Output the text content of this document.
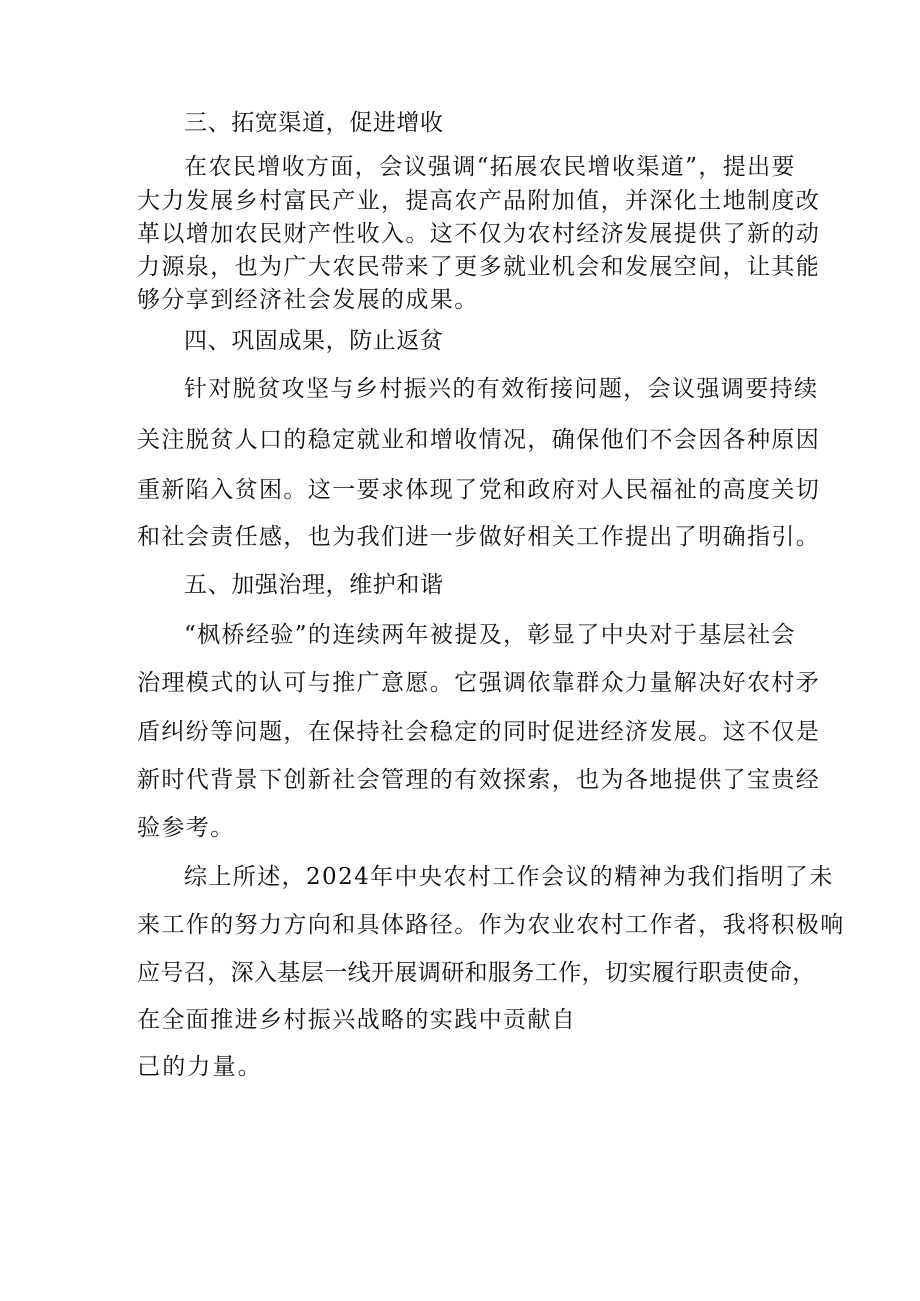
三、拓宽渠道，促进增收
在农民增收方面，会议强调“拓展农民增收渠道”，提出要
大力发展乡村富民产业，提高农产品附加值，并深化土地制度改
革以增加农民财产性收入。这不仅为农村经济发展提供了新的动
力源泉，也为广大农民带来了更多就业机会和发展空间，让其能
够分享到经济社会发展的成果。
四、巩固成果，防止返贫
针对脱贫攻坚与乡村振兴的有效衔接问题，会议强调要持续
关注脱贫人口的稳定就业和增收情况，确保他们不会因各种原因
重新陷入贫困。这一要求体现了党和政府对人民福祉的高度关切
和社会责任感，也为我们进一步做好相关工作提出了明确指引。
五、加强治理，维护和谐
“枫桥经验”的连续两年被提及，彰显了中央对于基层社会
治理模式的认可与推广意愿。它强调依靠群众力量解决好农村矛
盾纠纷等问题，在保持社会稳定的同时促进经济发展。这不仅是
新时代背景下创新社会管理的有效探索，也为各地提供了宝贵经
验参考。
综上所述，2024年中央农村工作会议的精神为我们指明了未
来工作的努力方向和具体路径。作为农业农村工作者，我将积极响
应号召，深入基层一线开展调研和服务工作，切实履行职责使命，
在全面推进乡村振兴战略的实践中贡献自
己的力量。
